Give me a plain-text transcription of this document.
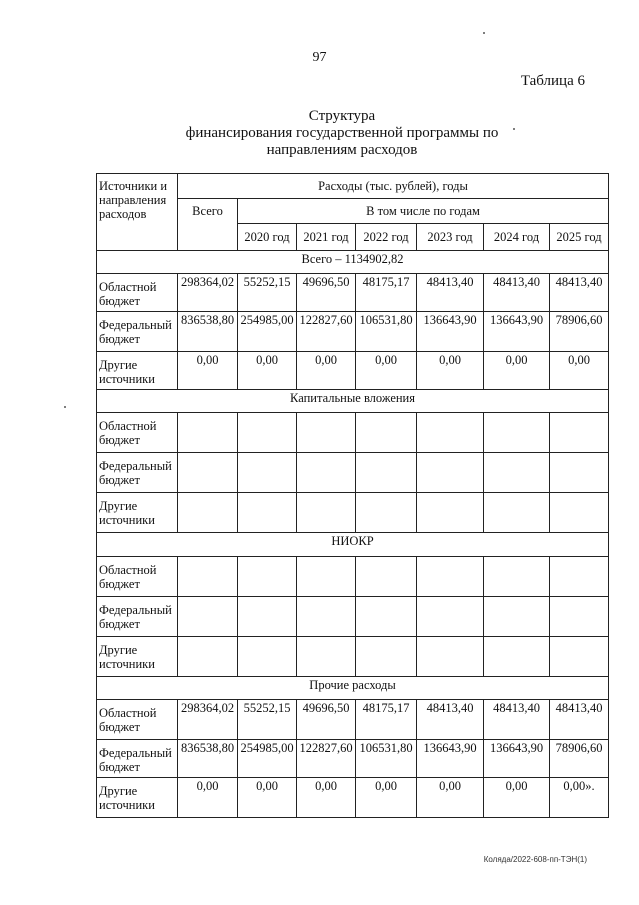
97
Таблица 6
Структура
финансирования государственной программы по
направлениям расходов
Источники и направления расходов	Расходы (тыс. рублей), годы						
	Всего	В том числе по годам					
		2020 год	2021 год	2022 год	2023 год	2024 год	2025 год
Всего – 1134902,82							
Областной бюджет	298364,02	55252,15	49696,50	48175,17	48413,40	48413,40	48413,40
Федеральный бюджет	836538,80	254985,00	122827,60	106531,80	136643,90	136643,90	78906,60
Другие источники	0,00	0,00	0,00	0,00	0,00	0,00	0,00
Капитальные вложения							
Областной бюджет							
Федеральный бюджет							
Другие источники							
НИОКР							
Областной бюджет							
Федеральный бюджет							
Другие источники							
Прочие расходы							
Областной бюджет	298364,02	55252,15	49696,50	48175,17	48413,40	48413,40	48413,40
Федеральный бюджет	836538,80	254985,00	122827,60	106531,80	136643,90	136643,90	78906,60
Другие источники	0,00	0,00	0,00	0,00	0,00	0,00	0,00».
Коляда/2022-608-пп-ТЭН(1)
